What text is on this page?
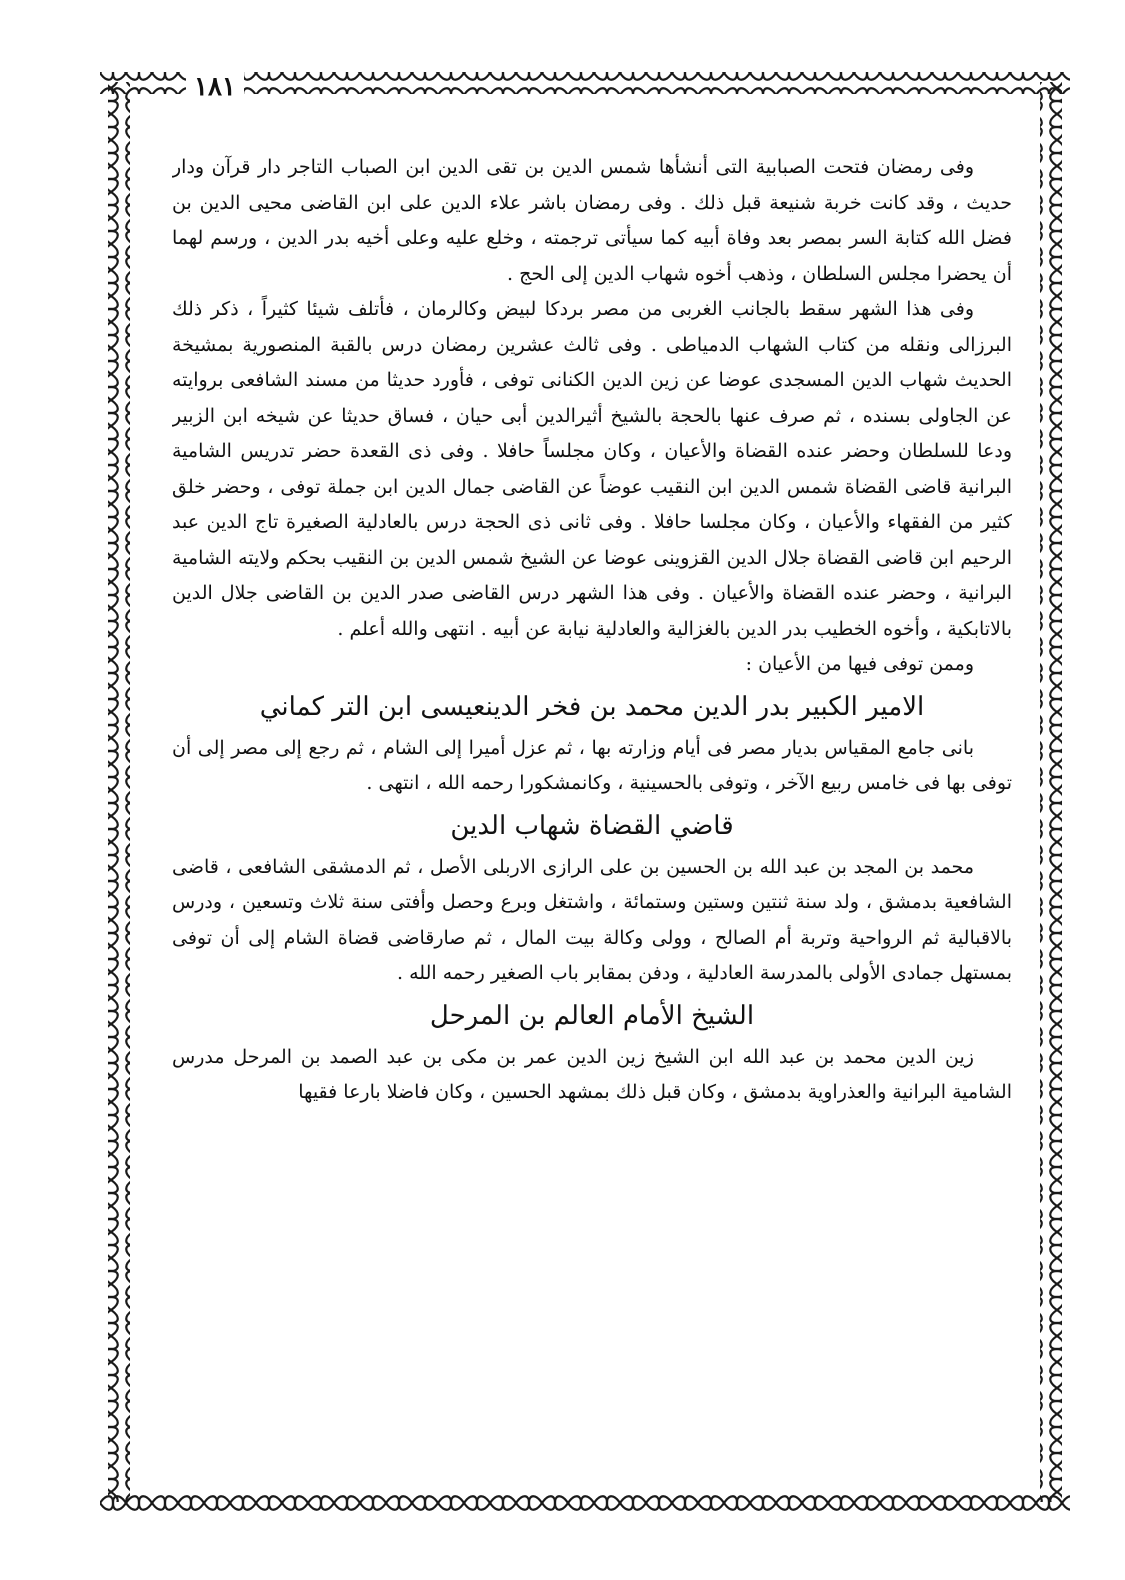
١٨١

وفى رمضان فتحت الصبابية التى أنشأها شمس الدين بن تقى الدين ابن الصباب التاجر دار قرآن ودار حديث ، وقد كانت خربة شنيعة قبل ذلك . وفى رمضان باشر علاء الدين على ابن القاضى محيى الدين بن فضل الله كتابة السر بمصر بعد وفاة أبيه كما سيأتى ترجمته ، وخلع عليه وعلى أخيه بدر الدين ، ورسم لهما أن يحضرا مجلس السلطان ، وذهب أخوه شهاب الدين إلى الحج .

وفى هذا الشهر سقط بالجانب الغربى من مصر بردكا لبيض وكالرمان ، فأتلف شيئا كثيراً ، ذكر ذلك البرزالى ونقله من كتاب الشهاب الدمياطى . وفى ثالث عشرين رمضان درس بالقبة المنصورية بمشيخة الحديث شهاب الدين المسجدى عوضا عن زين الدين الكنانى توفى ، فأورد حديثا من مسند الشافعى بروايته عن الجاولى بسنده ، ثم صرف عنها بالحجة بالشيخ أثيرالدين أبى حيان ، فساق حديثا عن شيخه ابن الزبير ودعا للسلطان وحضر عنده القضاة والأعيان ، وكان مجلساً حافلا . وفى ذى القعدة حضر تدريس الشامية البرانية قاضى القضاة شمس الدين ابن النقيب عوضاً عن القاضى جمال الدين ابن جملة توفى ، وحضر خلق كثير من الفقهاء والأعيان ، وكان مجلسا حافلا . وفى ثانى ذى الحجة درس بالعادلية الصغيرة تاج الدين عبد الرحيم ابن قاضى القضاة جلال الدين القزوينى عوضا عن الشيخ شمس الدين بن النقيب بحكم ولايته الشامية البرانية ، وحضر عنده القضاة والأعيان . وفى هذا الشهر درس القاضى صدر الدين بن القاضى جلال الدين بالاتابكية ، وأخوه الخطيب بدر الدين بالغزالية والعادلية نيابة عن أبيه . انتهى والله أعلم .

وممن توفى فيها من الأعيان :

الامير الكبير بدر الدين محمد بن فخر الدينعيسى ابن التر كماني

بانى جامع المقياس بديار مصر فى أيام وزارته بها ، ثم عزل أميرا إلى الشام ، ثم رجع إلى مصر إلى أن توفى بها فى خامس ربيع الآخر ، وتوفى بالحسينية ، وكانمشكورا رحمه الله ، انتهى .

قاضي القضاة شهاب الدين

محمد بن المجد بن عبد الله بن الحسين بن على الرازى الاربلى الأصل ، ثم الدمشقى الشافعى ، قاضى الشافعية بدمشق ، ولد سنة ثنتين وستين وستمائة ، واشتغل وبرع وحصل وأفتى سنة ثلاث وتسعين ، ودرس بالاقبالية ثم الرواحية وتربة أم الصالح ، وولى وكالة بيت المال ، ثم صارقاضى قضاة الشام إلى أن توفى بمستهل جمادى الأولى بالمدرسة العادلية ، ودفن بمقابر باب الصغير رحمه الله .

الشيخ الأمام العالم بن المرحل

زين الدين محمد بن عبد الله ابن الشيخ زين الدين عمر بن مكى بن عبد الصمد بن المرحل مدرس الشامية البرانية والعذراوية بدمشق ، وكان قبل ذلك بمشهد الحسين ، وكان فاضلا بارعا فقيها
